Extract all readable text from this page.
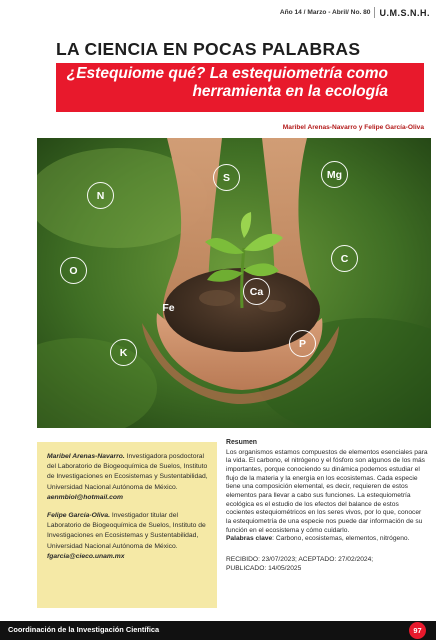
Año 14 / Marzo - Abril/ No. 80 U.M.S.N.H.
LA CIENCIA EN POCAS PALABRAS
¿Estequiome qué? La estequiometría como
herramienta en la ecología
Maribel Arenas-Navarro y Felipe García-Oliva
N
S	Mg
O
C
Ca
Fe
K
P

Maribel Arenas-Navarro. Investigadora posdoctoral del Laboratorio de Biogeoquímica de Suelos, Instituto de Investigaciones en Ecosistemas y Sustentabilidad, Universidad Nacional Autónoma de México.
aenmbiol@hotmail.com

Felipe García-Oliva. Investigador titular del Laboratorio de Biogeoquímica de Suelos, Instituto de Investigaciones en Ecosistemas y Sustentabilidad, Universidad Nacional Autónoma de México.
fgarcia@cieco.unam.mx

Resumen

Los organismos estamos compuestos de elementos esenciales para la vida. El carbono, el nitrógeno y el fósforo son algunos de los más importantes, porque conociendo su dinámica podemos estudiar el flujo de la materia y la energía en los ecosistemas. Cada especie tiene una composición elemental, es decir, requieren de estos elementos para llevar a cabo sus funciones. La estequiometría ecológica es el estudio de los efectos del balance de estos cocientes estequiométricos en los seres vivos, por lo que, conocer la estequiometría de una especie nos puede dar información de su función en el ecosistema y cómo cuidarlo.

Palabras clave: Carbono, ecosistemas, elementos, nitrógeno.

RECIBIDO: 23/07/2023; ACEPTADO: 27/02/2024;
PUBLICADO: 14/05/2025

Coordinación de la Investigación Científica	97
